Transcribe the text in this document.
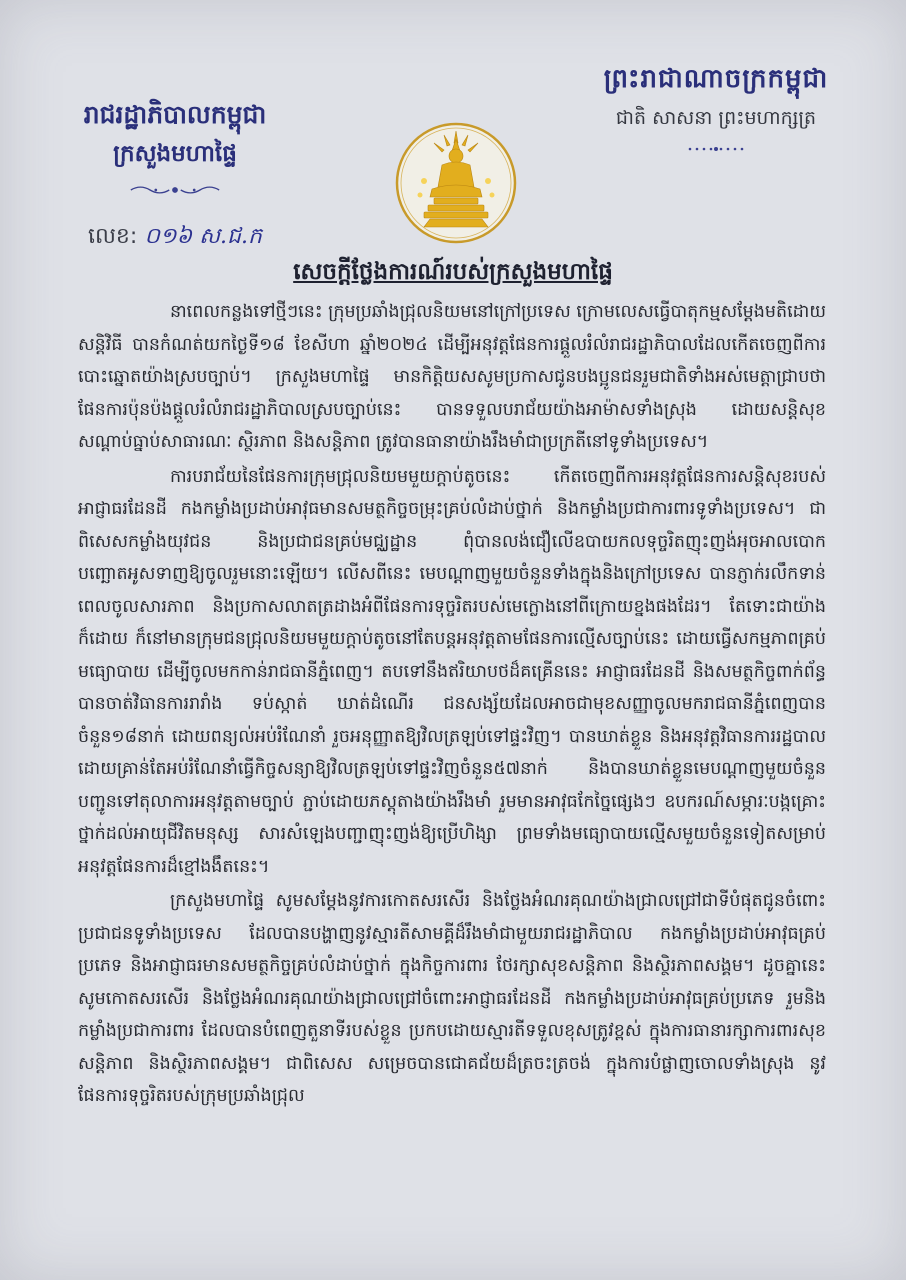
ព្រះរាជាណាចក្រកម្ពុជា
ជាតិ សាសនា ព្រះមហាក្សត្រ
រាជរដ្ឋាភិបាលកម្ពុជា
ក្រសួងមហាផ្ទៃ
លេខ: ០១៦ ស.ជ.ក
សេចក្តីថ្លែងការណ៍របស់ក្រសួងមហាផ្ទៃ

នាពេលកន្លងទៅថ្មីៗនេះ ក្រុមប្រឆាំងជ្រុលនិយមនៅក្រៅប្រទេស ក្រោមលេសធ្វើបាតុកម្មសម្តែងមតិដោយសន្តិវិធី បានកំណត់យកថ្ងៃទី១៨ ខែសីហា ឆ្នាំ២០២៤ ដើម្បីអនុវត្តផែនការផ្តួលរំលំរាជរដ្ឋាភិបាលដែលកើតចេញពីការបោះឆ្នោតយ៉ាងស្របច្បាប់។ ក្រសួងមហាផ្ទៃ មានកិត្តិយសសូមប្រកាសជូនបងប្អូនជនរួមជាតិទាំងអស់មេត្តាជ្រាបថា ផែនការប៉ុនប៉ងផ្តួលរំលំរាជរដ្ឋាភិបាលស្របច្បាប់នេះ បានទទួលបរាជ័យយ៉ាងអាម៉ាសទាំងស្រុង ដោយសន្តិសុខ សណ្តាប់ធ្នាប់សាធារណៈ ស្ថិរភាព និងសន្តិភាព ត្រូវបានធានាយ៉ាងរឹងមាំជាប្រក្រតីនៅទូទាំងប្រទេស។

ការបរាជ័យនៃផែនការក្រុមជ្រុលនិយមមួយក្តាប់តូចនេះ កើតចេញពីការអនុវត្តផែនការសន្តិសុខរបស់អាជ្ញាធរដែនដី កងកម្លាំងប្រដាប់អាវុធមានសមត្ថកិច្ចចម្រុះគ្រប់លំដាប់ថ្នាក់ និងកម្លាំងប្រជាការពារទូទាំងប្រទេស។ ជាពិសេសកម្លាំងយុវជន និងប្រជាជនគ្រប់មជ្ឈដ្ឋាន ពុំបានលង់ជឿលើឧបាយកលទុច្ចរិតញុះញង់អុចអាលបោកបញ្ឆោតអូសទាញឱ្យចូលរួមនោះឡើយ។ លើសពីនេះ មេបណ្តាញមួយចំនួនទាំងក្នុងនិងក្រៅប្រទេស បានភ្ញាក់រលឹកទាន់ពេលចូលសារភាព និងប្រកាសលាតត្រដាងអំពីផែនការទុច្ចរិតរបស់មេក្លោងនៅពីក្រោយខ្នងផងដែរ។ តែទោះជាយ៉ាងក៏ដោយ ក៏នៅមានក្រុមជនជ្រុលនិយមមួយក្តាប់តូចនៅតែបន្តអនុវត្តតាមផែនការល្មើសច្បាប់នេះ ដោយធ្វើសកម្មភាពគ្រប់មធ្យោបាយ ដើម្បីចូលមកកាន់រាជធានីភ្នំពេញ។ តបទៅនឹងឥរិយាបថដ៏គគ្រើននេះ អាជ្ញាធរដែនដី និងសមត្ថកិច្ចពាក់ព័ន្ធបានចាត់វិធានការរារាំង ទប់ស្កាត់ ឃាត់ដំណើរ ជនសង្ស័យដែលអាចជាមុខសញ្ញាចូលមករាជធានីភ្នំពេញបានចំនួន១៨នាក់ ដោយពន្យល់អប់រំណែនាំ រួចអនុញ្ញាតឱ្យវិលត្រឡប់ទៅផ្ទះវិញ។ បានឃាត់ខ្លួន និងអនុវត្តវិធានការរដ្ឋបាល ដោយគ្រាន់តែអប់រំណែនាំធ្វើកិច្ចសន្យាឱ្យវិលត្រឡប់ទៅផ្ទះវិញចំនួន៥៧នាក់ និងបានឃាត់ខ្លួនមេបណ្តាញមួយចំនួនបញ្ជូនទៅតុលាការអនុវត្តតាមច្បាប់ ភ្ជាប់ដោយភស្តុតាងយ៉ាងរឹងមាំ រួមមានអាវុធកែច្នៃផ្សេងៗ ឧបករណ៍សម្ភារៈបង្កគ្រោះថ្នាក់ដល់អាយុជីវិតមនុស្ស សារសំឡេងបញ្ជាញុះញង់ឱ្យប្រើហិង្សា ព្រមទាំងមធ្យោបាយល្មើសមួយចំនួនទៀតសម្រាប់អនុវត្តផែនការដ៏ខ្មៅងងឹតនេះ។

ក្រសួងមហាផ្ទៃ សូមសម្តែងនូវការកោតសរសើរ និងថ្លែងអំណរគុណយ៉ាងជ្រាលជ្រៅជាទីបំផុតជូនចំពោះប្រជាជនទូទាំងប្រទេស ដែលបានបង្ហាញនូវស្មារតីសាមគ្គីដ៏រឹងមាំជាមួយរាជរដ្ឋាភិបាល កងកម្លាំងប្រដាប់អាវុធគ្រប់ប្រភេទ និងអាជ្ញាធរមានសមត្ថកិច្ចគ្រប់លំដាប់ថ្នាក់ ក្នុងកិច្ចការពារ ថែរក្សាសុខសន្តិភាព និងស្ថិរភាពសង្គម។ ដូចគ្នានេះ សូមកោតសរសើរ និងថ្លែងអំណរគុណយ៉ាងជ្រាលជ្រៅចំពោះអាជ្ញាធរដែនដី កងកម្លាំងប្រដាប់អាវុធគ្រប់ប្រភេទ រួមនិងកម្លាំងប្រជាការពារ ដែលបានបំពេញតួនាទីរបស់ខ្លួន ប្រកបដោយស្មារតីទទួលខុសត្រូវខ្ពស់ ក្នុងការធានារក្សាការពារសុខសន្តិភាព និងស្ថិរភាពសង្គម។ ជាពិសេស សម្រេចបានជោគជ័យដ៏ត្រចះត្រចង់ ក្នុងការបំផ្លាញចោលទាំងស្រុង នូវផែនការទុច្ចរិតរបស់ក្រុមប្រឆាំងជ្រុល
